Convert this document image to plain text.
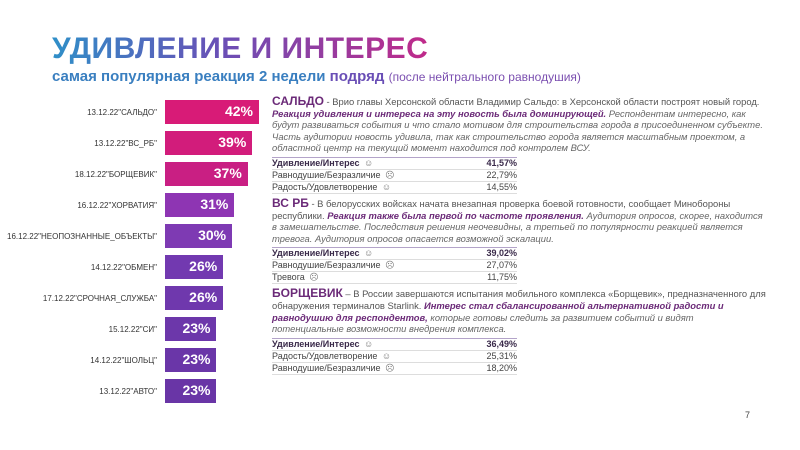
УДИВЛЕНИЕ И ИНТЕРЕС
самая популярная реакция 2 недели подряд (после нейтрального равнодушия)
13.12.22"САЛЬДО"	42%
13.12.22"ВС_РБ"	39%
18.12.22"БОРЩЕВИК"	37%
16.12.22"ХОРВАТИЯ"	31%
16.12.22"НЕОПОЗНАННЫЕ_ОБЪЕКТЫ"	30%
14.12.22"ОБМЕН" 26%
17.12.22"СРОЧНАЯ_СЛУЖБА" 26%
15.12.22"СИ" 23%
14.12.22"ШОЛЬЦ" 23%
13.12.22"АВТО" 23%
САЛЬДО - Врио главы Херсонской области Владимир Сальдо: в Херсонской области построят новый город. Реакция удивления и интереса на эту новость была доминирующей. Респондентам интересно, как будут развиваться события и что стало мотивом для строительства города в присоединенном субъекте. Часть аудитории новость удивила, так как строительство города является масштабным проектом, а областной центр на текущий момент находится под контролем ВСУ.
Удивление/Интерес ☺	41,57%
Равнодушие/Безразличие ☹	22,79%
Радость/Удовлетворение ☺	14,55%
ВС РБ - В белорусских войсках начата внезапная проверка боевой готовности, сообщает Минобороны республики. Реакция также была первой по частоте проявления. Аудитория опросов, скорее, находится в замешательстве. Последствия решения неочевидны, а третьей по популярности реакцией является тревога. Аудитория опросов опасается возможной эскалации.
Удивление/Интерес ☺	39,02%
Равнодушие/Безразличие ☹	27,07%
Тревога ☹	11,75%
БОРЩЕВИК – В России завершаются испытания мобильного комплекса «Борщевик», предназначенного для обнаружения терминалов Starlink. Интерес стал сбалансированной альтернативной радости и равнодушию для респондентов, которые готовы следить за развитием событий и видят потенциальные возможности внедрения комплекса.
Удивление/Интерес ☺	36,49%
Радость/Удовлетворение ☺	25,31%
Равнодушие/Безразличие ☹	18,20%
7
